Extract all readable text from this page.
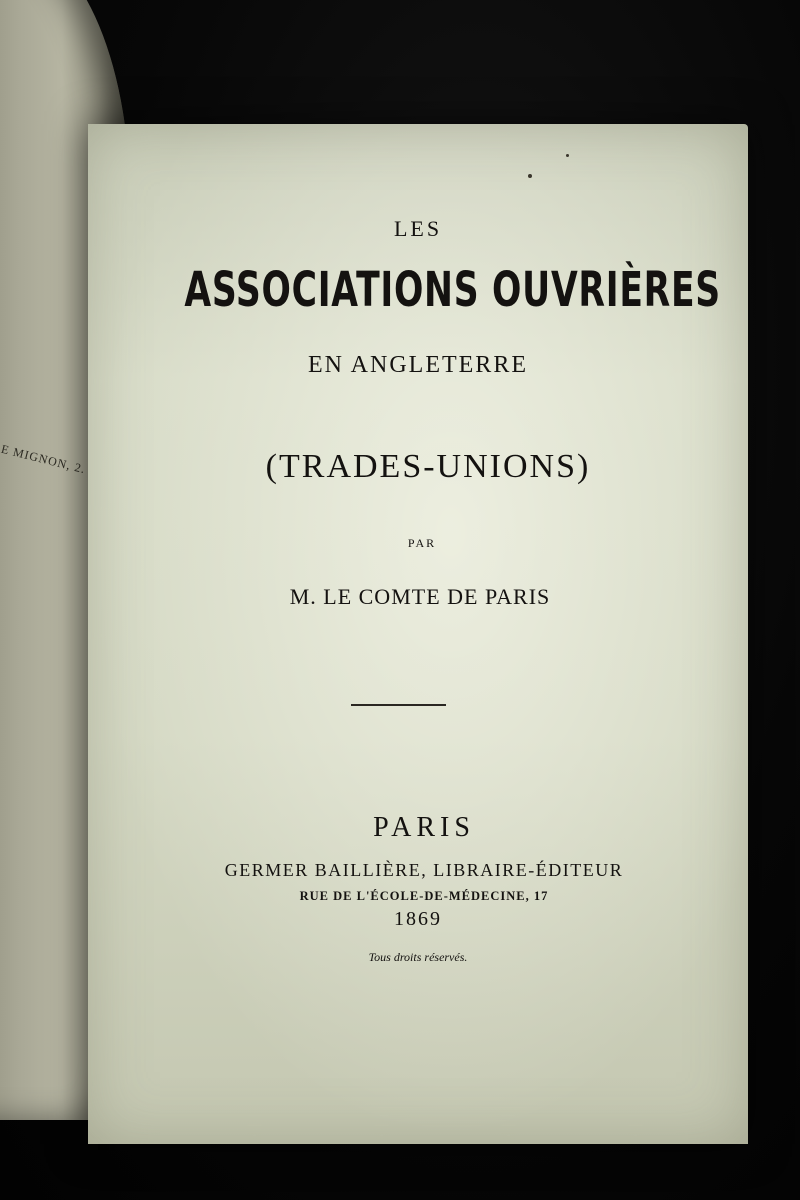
E MIGNON, 2.
LES
ASSOCIATIONS OUVRIÈRES
EN ANGLETERRE
(TRADES-UNIONS)
PAR
M. LE COMTE DE PARIS
PARIS
GERMER BAILLIÈRE, LIBRAIRE-ÉDITEUR
RUE DE L'ÉCOLE-DE-MÉDECINE, 17
1869
Tous droits réservés.
